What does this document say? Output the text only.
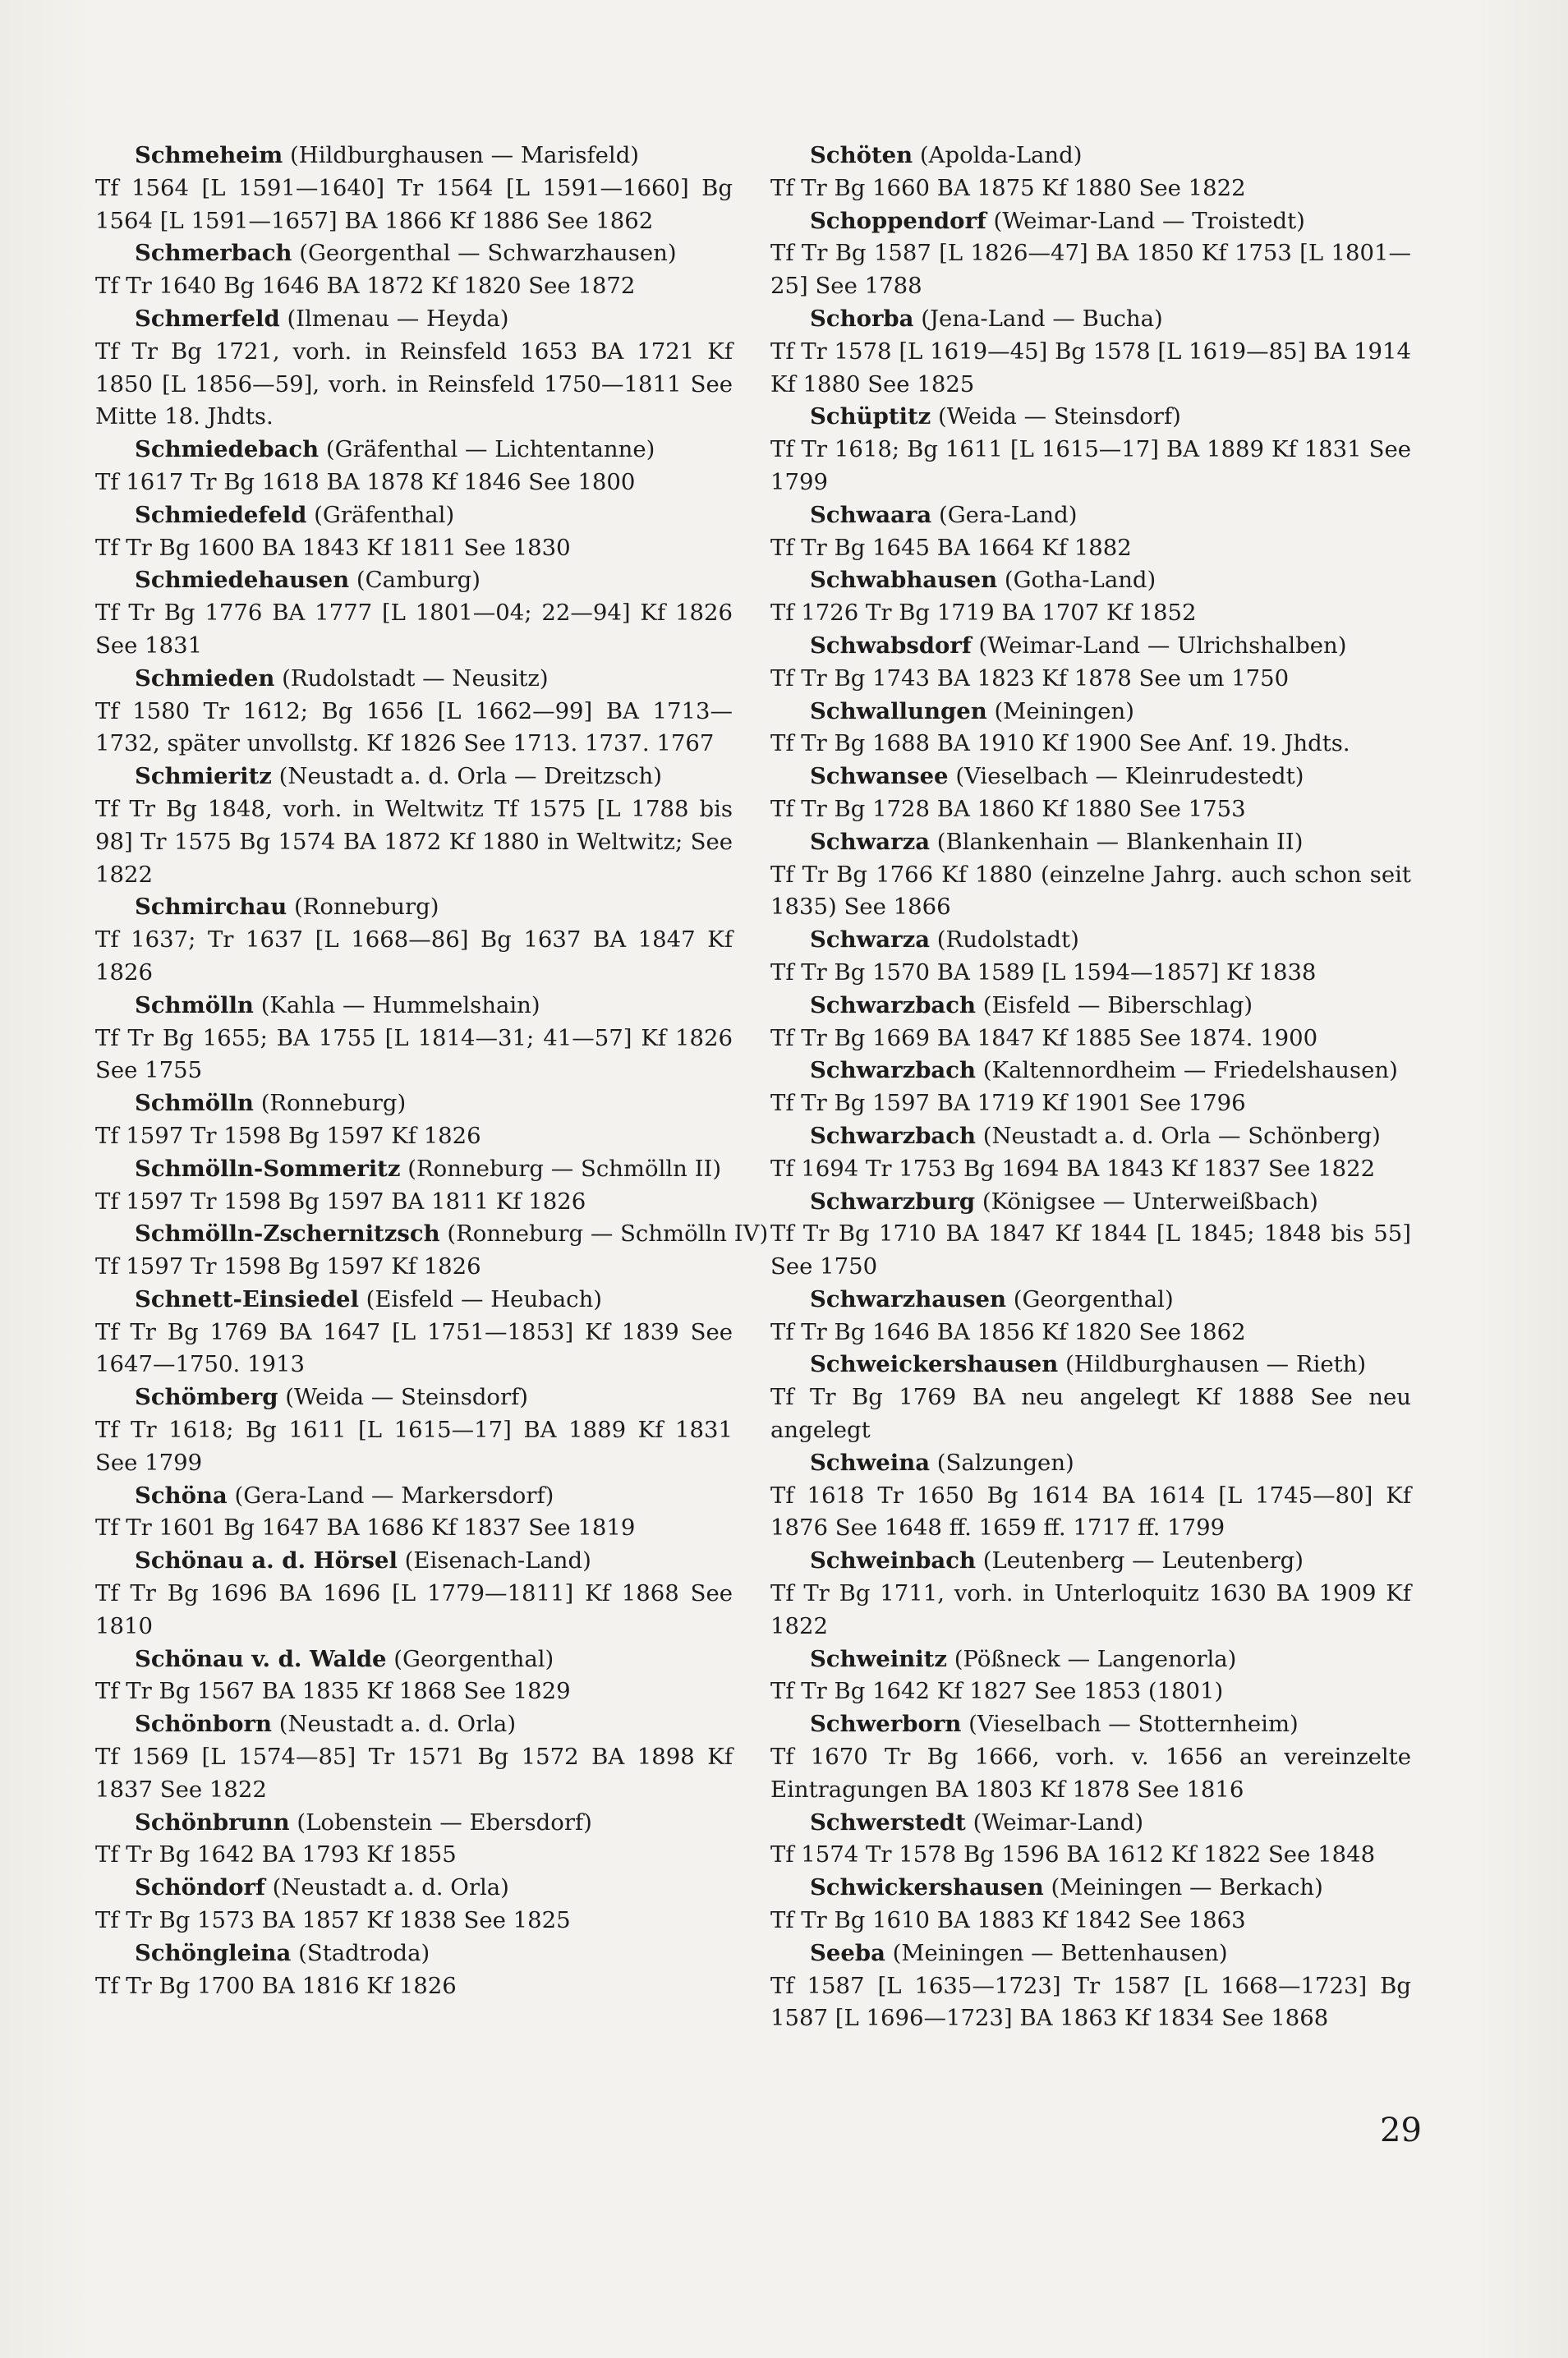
Schmeheim (Hildburghausen — Marisfeld)
Tf 1564 [L 1591—1640] Tr 1564 [L 1591—1660] Bg 1564 [L 1591—1657] BA 1866 Kf 1886 See 1862
Schmerbach (Georgenthal — Schwarzhausen)
Tf Tr 1640 Bg 1646 BA 1872 Kf 1820 See 1872
Schmerfeld (Ilmenau — Heyda)
Tf Tr Bg 1721, vorh. in Reinsfeld 1653 BA 1721 Kf 1850 [L 1856—59], vorh. in Reinsfeld 1750—1811 See Mitte 18. Jhdts.
Schmiedebach (Gräfenthal — Lichtentanne)
Tf 1617 Tr Bg 1618 BA 1878 Kf 1846 See 1800
Schmiedefeld (Gräfenthal)
Tf Tr Bg 1600 BA 1843 Kf 1811 See 1830
Schmiedehausen (Camburg)
Tf Tr Bg 1776 BA 1777 [L 1801—04; 22—94] Kf 1826 See 1831
Schmieden (Rudolstadt — Neusitz)
Tf 1580 Tr 1612; Bg 1656 [L 1662—99] BA 1713—1732, später unvollstg. Kf 1826 See 1713. 1737. 1767
Schmieritz (Neustadt a. d. Orla — Dreitzsch)
Tf Tr Bg 1848, vorh. in Weltwitz Tf 1575 [L 1788 bis 98] Tr 1575 Bg 1574 BA 1872 Kf 1880 in Weltwitz; See 1822
Schmirchau (Ronneburg)
Tf 1637; Tr 1637 [L 1668—86] Bg 1637 BA 1847 Kf 1826
Schmölln (Kahla — Hummelshain)
Tf Tr Bg 1655; BA 1755 [L 1814—31; 41—57] Kf 1826 See 1755
Schmölln (Ronneburg)
Tf 1597 Tr 1598 Bg 1597 Kf 1826
Schmölln-Sommeritz (Ronneburg — Schmölln II)
Tf 1597 Tr 1598 Bg 1597 BA 1811 Kf 1826
Schmölln-Zschernitzsch (Ronneburg — Schmölln IV)
Tf 1597 Tr 1598 Bg 1597 Kf 1826
Schnett-Einsiedel (Eisfeld — Heubach)
Tf Tr Bg 1769 BA 1647 [L 1751—1853] Kf 1839 See 1647—1750. 1913
Schömberg (Weida — Steinsdorf)
Tf Tr 1618; Bg 1611 [L 1615—17] BA 1889 Kf 1831 See 1799
Schöna (Gera-Land — Markersdorf)
Tf Tr 1601 Bg 1647 BA 1686 Kf 1837 See 1819
Schönau a. d. Hörsel (Eisenach-Land)
Tf Tr Bg 1696 BA 1696 [L 1779—1811] Kf 1868 See 1810
Schönau v. d. Walde (Georgenthal)
Tf Tr Bg 1567 BA 1835 Kf 1868 See 1829
Schönborn (Neustadt a. d. Orla)
Tf 1569 [L 1574—85] Tr 1571 Bg 1572 BA 1898 Kf 1837 See 1822
Schönbrunn (Lobenstein — Ebersdorf)
Tf Tr Bg 1642 BA 1793 Kf 1855
Schöndorf (Neustadt a. d. Orla)
Tf Tr Bg 1573 BA 1857 Kf 1838 See 1825
Schöngleina (Stadtroda)
Tf Tr Bg 1700 BA 1816 Kf 1826
Schöten (Apolda-Land)
Tf Tr Bg 1660 BA 1875 Kf 1880 See 1822
Schoppendorf (Weimar-Land — Troistedt)
Tf Tr Bg 1587 [L 1826—47] BA 1850 Kf 1753 [L 1801—25] See 1788
Schorba (Jena-Land — Bucha)
Tf Tr 1578 [L 1619—45] Bg 1578 [L 1619—85] BA 1914 Kf 1880 See 1825
Schüptitz (Weida — Steinsdorf)
Tf Tr 1618; Bg 1611 [L 1615—17] BA 1889 Kf 1831 See 1799
Schwaara (Gera-Land)
Tf Tr Bg 1645 BA 1664 Kf 1882
Schwabhausen (Gotha-Land)
Tf 1726 Tr Bg 1719 BA 1707 Kf 1852
Schwabsdorf (Weimar-Land — Ulrichshalben)
Tf Tr Bg 1743 BA 1823 Kf 1878 See um 1750
Schwallungen (Meiningen)
Tf Tr Bg 1688 BA 1910 Kf 1900 See Anf. 19. Jhdts.
Schwansee (Vieselbach — Kleinrudestedt)
Tf Tr Bg 1728 BA 1860 Kf 1880 See 1753
Schwarza (Blankenhain — Blankenhain II)
Tf Tr Bg 1766 Kf 1880 (einzelne Jahrg. auch schon seit 1835) See 1866
Schwarza (Rudolstadt)
Tf Tr Bg 1570 BA 1589 [L 1594—1857] Kf 1838
Schwarzbach (Eisfeld — Biberschlag)
Tf Tr Bg 1669 BA 1847 Kf 1885 See 1874. 1900
Schwarzbach (Kaltennordheim — Friedelshausen)
Tf Tr Bg 1597 BA 1719 Kf 1901 See 1796
Schwarzbach (Neustadt a. d. Orla — Schönberg)
Tf 1694 Tr 1753 Bg 1694 BA 1843 Kf 1837 See 1822
Schwarzburg (Königsee — Unterweißbach)
Tf Tr Bg 1710 BA 1847 Kf 1844 [L 1845; 1848 bis 55] See 1750
Schwarzhausen (Georgenthal)
Tf Tr Bg 1646 BA 1856 Kf 1820 See 1862
Schweickershausen (Hildburghausen — Rieth)
Tf Tr Bg 1769 BA neu angelegt Kf 1888 See neu angelegt
Schweina (Salzungen)
Tf 1618 Tr 1650 Bg 1614 BA 1614 [L 1745—80] Kf 1876 See 1648 ff. 1659 ff. 1717 ff. 1799
Schweinbach (Leutenberg — Leutenberg)
Tf Tr Bg 1711, vorh. in Unterloquitz 1630 BA 1909 Kf 1822
Schweinitz (Pößneck — Langenorla)
Tf Tr Bg 1642 Kf 1827 See 1853 (1801)
Schwerborn (Vieselbach — Stotternheim)
Tf 1670 Tr Bg 1666, vorh. v. 1656 an vereinzelte Eintragungen BA 1803 Kf 1878 See 1816
Schwerstedt (Weimar-Land)
Tf 1574 Tr 1578 Bg 1596 BA 1612 Kf 1822 See 1848
Schwickershausen (Meiningen — Berkach)
Tf Tr Bg 1610 BA 1883 Kf 1842 See 1863
Seeba (Meiningen — Bettenhausen)
Tf 1587 [L 1635—1723] Tr 1587 [L 1668—1723] Bg 1587 [L 1696—1723] BA 1863 Kf 1834 See 1868
29
